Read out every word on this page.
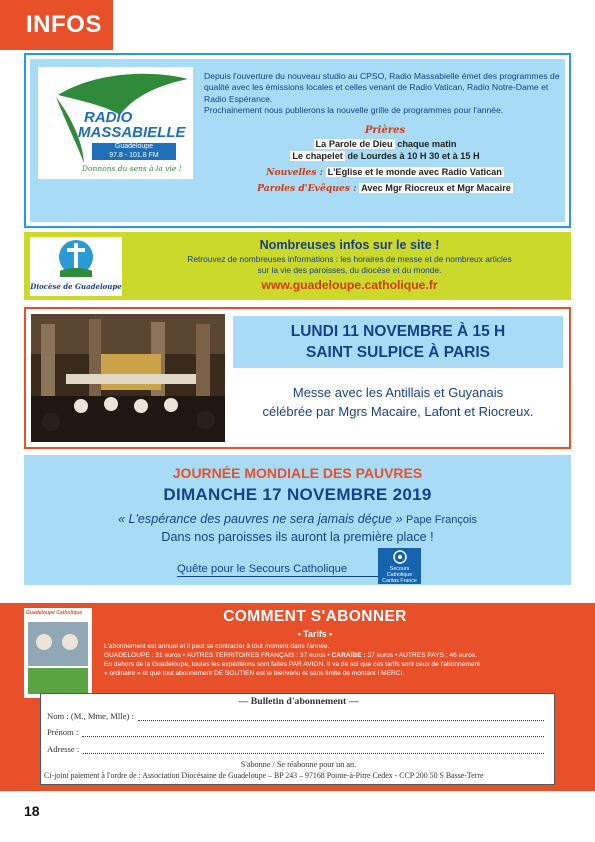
INFOS
RADIO
MASSABIELLE
Guadeloupe
97.8 - 101.8 FM
Donnons du sens à la vie !
Depuis l'ouverture du nouveau studio au CPSO, Radio Massabielle émet des programmes de qualité avec les émissions locales et celles venant de Radio Vatican, Radio Notre-Dame et Radio Espérance.
Prochainement nous publierons la nouvelle grille de programmes pour l'année.
Prières
La Parole de Dieu chaque matin
Le chapelet de Lourdes à 10 H 30 et à 15 H
Nouvelles : L'Eglise et le monde avec Radio Vatican
Paroles d'Evêques : Avec Mgr Riocreux et Mgr Macaire
Diocèse de Guadeloupe
Nombreuses infos sur le site !
Retrouvez de nombreuses informations : les horaires de messe et de nombreux articles
sur la vie des paroisses, du diocèse et du monde.
www.guadeloupe.catholique.fr
LUNDI 11 NOVEMBRE À 15 H
SAINT SULPICE À PARIS
Messe avec les Antillais et Guyanais
célébrée par Mgrs Macaire, Lafont et Riocreux.
JOURNÉE MONDIALE DES PAUVRES
DIMANCHE 17 NOVEMBRE 2019
« L'espérance des pauvres ne sera jamais déçue » Pape François
Dans nos paroisses ils auront la première place !
Quête pour le Secours Catholique	Secours
Catholique
Caritas France
Guadeloupe Catholique	COMMENT S'ABONNER
• Tarifs •
L'abonnement est annuel et il peut se contracter à tout moment dans l'année.
GUADELOUPE : 31 euros • AUTRES TERRITOIRES FRANÇAIS : 37 euros • CARAÏBE : 37 euros • AUTRES PAYS : 46 euros.
En dehors de la Guadeloupe, toutes les expéditions sont faites PAR AVION. Il va de soi que ces tarifs sont ceux de l'abonnement
« ordinaire » et que tout abonnement DE SOUTIEN est le bienvenu et sans limite de montant ! MERCI.
— Bulletin d'abonnement —
Nom : (M., Mme, Mlle) :
Prénom :
Adresse :
S'abonne / Se réabonne pour un an.
Ci-joint paiement à l'ordre de : Association Diocésaine de Guadeloupe – BP 243 – 97168 Pointe-à-Pitre Cedex - CCP 200 50 S Basse-Terre
18
